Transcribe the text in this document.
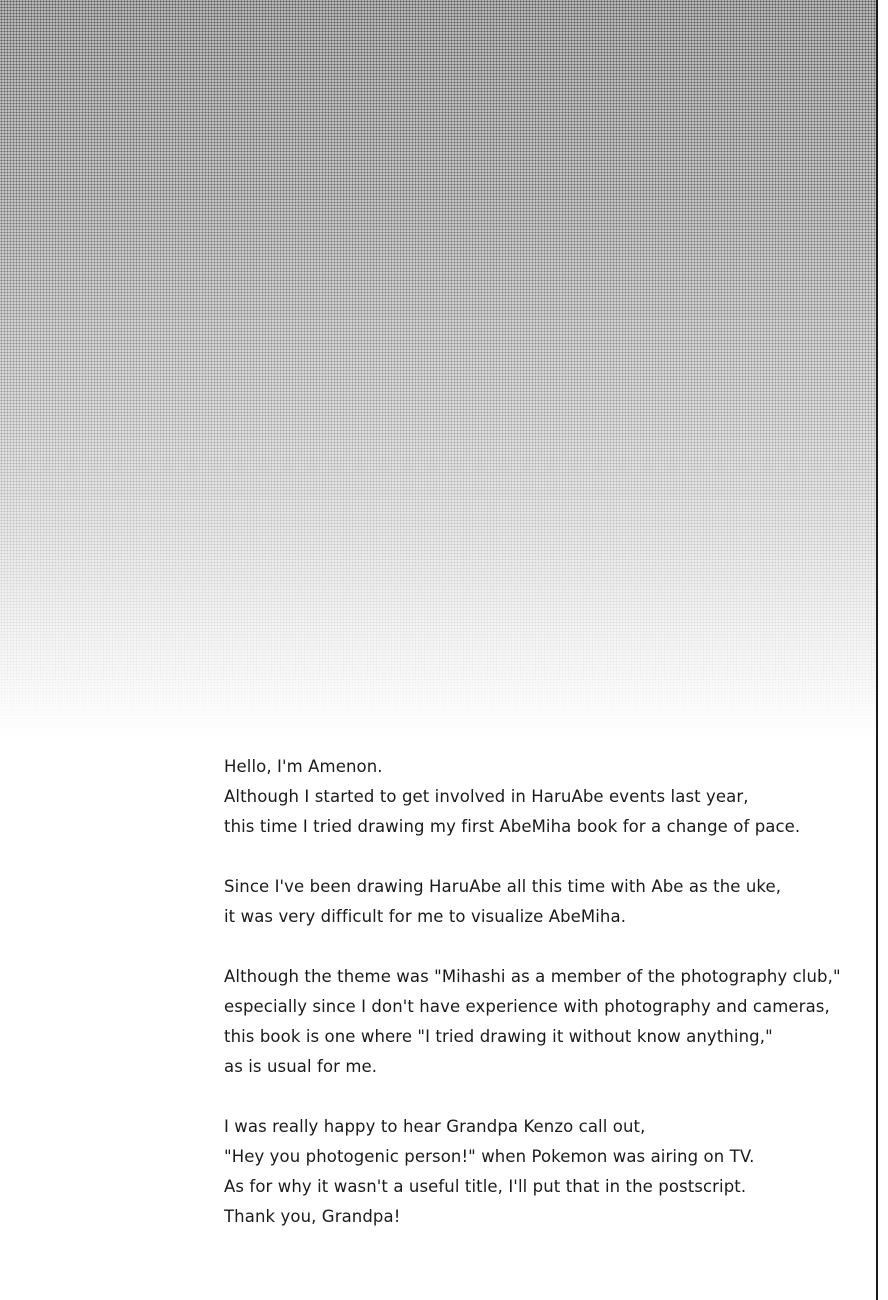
Hello, I'm Amenon.
Although I started to get involved in HaruAbe events last year,
this time I tried drawing my first AbeMiha book for a change of pace.
Since I've been drawing HaruAbe all this time with Abe as the uke,
it was very difficult for me to visualize AbeMiha.
Although the theme was "Mihashi as a member of the photography club,"
especially since I don't have experience with photography and cameras,
this book is one where "I tried drawing it without know anything,"
as is usual for me.
I was really happy to hear Grandpa Kenzo call out,
"Hey you photogenic person!" when Pokemon was airing on TV.
As for why it wasn't a useful title, I'll put that in the postscript.
Thank you, Grandpa!
